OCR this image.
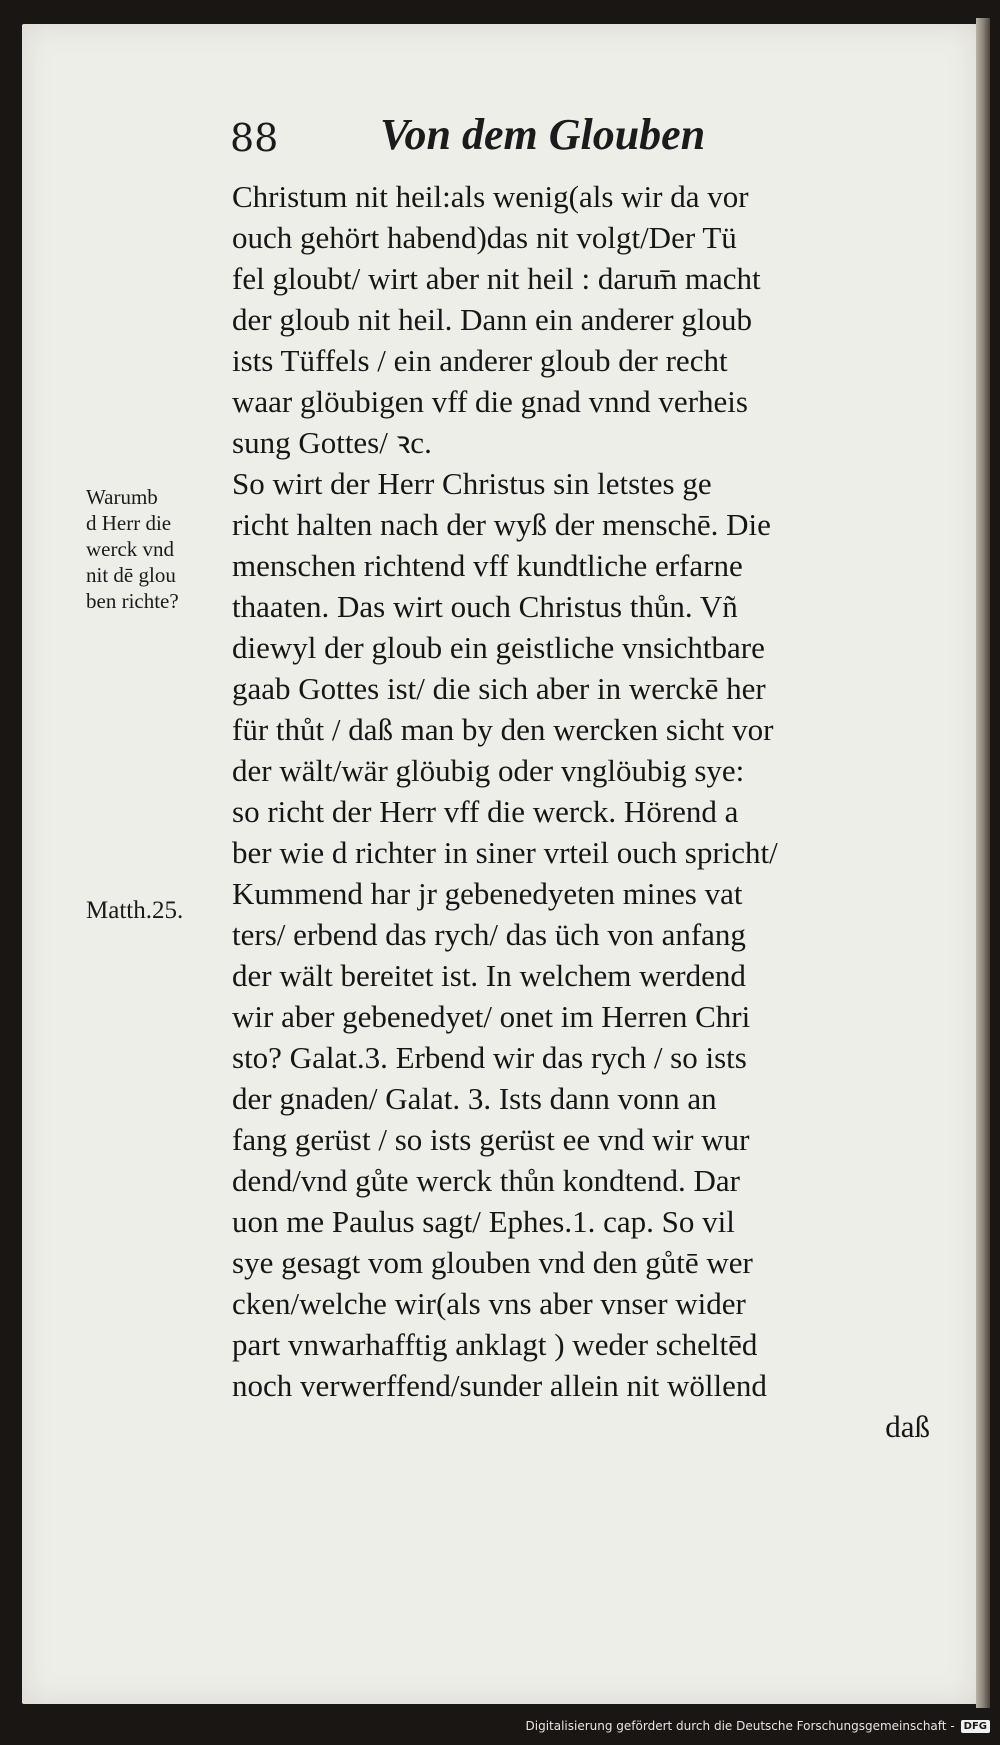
88 Von dem Glouben
Warumb
d Herr die
werck vnd
nit dē glou
ben richte?
Matth.25.
Christum nit heil:als wenig(als wir da vor
ouch gehört habend)das nit volgt/Der Tü
fel gloubt/ wirt aber nit heil : darum̄ macht
der gloub nit heil. Dann ein anderer gloub
ists Tüffels / ein anderer gloub der recht
waar glöubigen vff die gnad vnnd verheis
sung Gottes/ ꝛc.
So wirt der Herr Christus sin letstes ge
richt halten nach der wyß der menschē. Die
menschen richtend vff kundtliche erfarne
thaaten. Das wirt ouch Christus thůn. Vñ
diewyl der gloub ein geistliche vnsichtbare
gaab Gottes ist/ die sich aber in werckē her
für thůt / daß man by den wercken sicht vor
der wält/wär glöubig oder vnglöubig sye:
so richt der Herr vff die werck. Hörend a
ber wie d richter in siner vrteil ouch spricht/
Kummend har jr gebenedyeten mines vat
ters/ erbend das rych/ das üch von anfang
der wält bereitet ist. In welchem werdend
wir aber gebenedyet/ onet im Herren Chri
sto? Galat.3. Erbend wir das rych / so ists
der gnaden/ Galat. 3. Ists dann vonn an
fang gerüst / so ists gerüst ee vnd wir wur
dend/vnd gůte werck thůn kondtend. Dar
uon me Paulus sagt/ Ephes.1. cap. So vil
sye gesagt vom glouben vnd den gůtē wer
cken/welche wir(als vns aber vnser wider
part vnwarhafftig anklagt ) weder scheltēd
noch verwerffend/sunder allein nit wöllend
daß
Digitalisierung gefördert durch die Deutsche Forschungsgemeinschaft - DFG
